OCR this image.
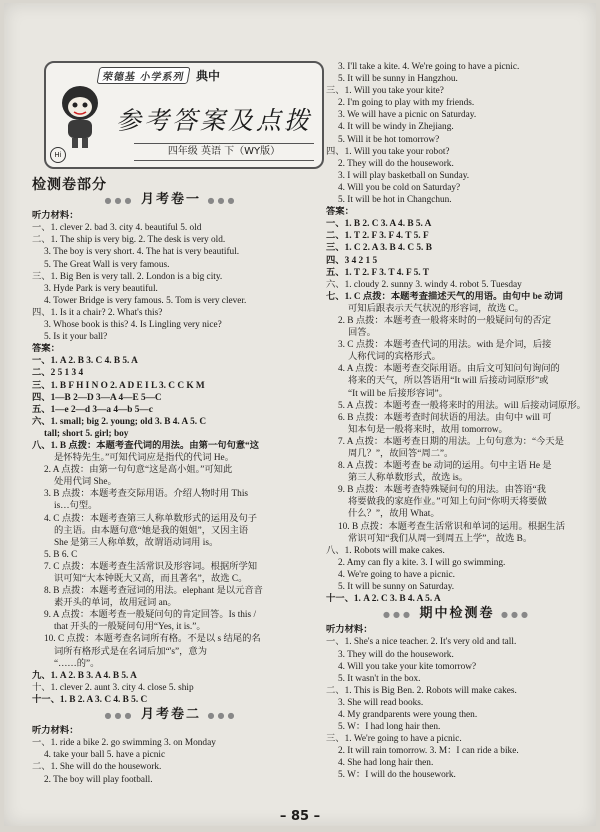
荣德基 小学系列 典中
参考答案及点拨
Hi	四年级 英语 下（WY版）
检测卷部分
●●● 月考卷一 ●●●
听力材料：
一、1. clever 2. bad 3. city 4. beautiful 5. old
二、1. The ship is very big. 2. The desk is very old.
3. The boy is very short. 4. The hat is very beautiful.
5. The Great Wall is very famous.
三、1. Big Ben is very tall. 2. London is a big city.
3. Hyde Park is very beautiful.
4. Tower Bridge is very famous. 5. Tom is very clever.
四、1. Is it a chair? 2. What's this?
3. Whose book is this? 4. Is Lingling very nice?
5. Is it your ball?
答案：
一、1. A 2. B 3. C 4. B 5. A
二、2 5 1 3 4
三、1. B F H I N O 2. A D E I L 3. C C K M
四、1—B 2—D 3—A 4—E 5—C
五、1—e 2—d 3—a 4—b 5—c
六、1. small; big 2. young; old 3. B 4. A 5. C
tall; short 5. girl; boy
八、1. B 点拨：本题考查代词的用法。由第一句句意“这
是怀特先生。”可知代词应是指代的代词 He。
2. A 点拨：由第一句句意“这是高小姐。”可知此
处用代词 She。
3. B 点拨：本题考查交际用语。介绍人物时用 This
is…句型。
4. C 点拨：本题考查第三人称单数形式的运用及句子
的主语。由本题句意“她是我的姐姐”，又因主语
She 是第三人称单数，故谓语动词用 is。
5. B 6. C
7. C 点拨：本题考查生活常识及形容词。根据所学知
识可知“大本钟既大又高，而且著名”，故选 C。
8. B 点拨：本题考查冠词的用法。elephant 是以元音音
素开头的单词，故用冠词 an。
9. A 点拨：本题考查一般疑问句的肯定回答。Is this /
that 开头的一般疑问句用“Yes, it is.”。
10. C 点拨：本题考查名词所有格。不是以 s 结尾的名
词所有格形式是在名词后加“'s”，意为
“……的”。
九、1. A 2. B 3. A 4. B 5. A
十、1. clever 2. aunt 3. city 4. close 5. ship
十一、1. B 2. A 3. C 4. B 5. C
●●● 月考卷二 ●●●
听力材料：
一、1. ride a bike 2. go swimming 3. on Monday
4. take your ball 5. have a picnic
二、1. She will do the housework.
2. The boy will play football.
3. I'll take a kite. 4. We're going to have a picnic.
5. It will be sunny in Hangzhou.
三、1. Will you take your kite?
2. I'm going to play with my friends.
3. We will have a picnic on Saturday.
4. It will be windy in Zhejiang.
5. Will it be hot tomorrow?
四、1. Will you take your robot?
2. They will do the housework.
3. I will play basketball on Sunday.
4. Will you be cold on Saturday?
5. It will be hot in Changchun.
答案：
一、1. B 2. C 3. A 4. B 5. A
二、1. T 2. F 3. F 4. T 5. F
三、1. C 2. A 3. B 4. C 5. B
四、3 4 2 1 5
五、1. T 2. F 3. T 4. F 5. T
六、1. cloudy 2. sunny 3. windy 4. robot 5. Tuesday
七、1. C 点拨：本题考查描述天气的用语。由句中 be 动词
可知后跟表示天气状况的形容词，故选 C。
2. B 点拨：本题考查一般将来时的一般疑问句的否定
回答。
3. C 点拨：本题考查代词的用法。with 是介词，后接
人称代词的宾格形式。
4. A 点拨：本题考查交际用语。由后文可知问句询问的
将来的天气，所以答语用“It will 后接动词原形”或
“It will be 后接形容词”。
5. A 点拨：本题考查一般将来时的用法。will 后接动词原形。
6. B 点拨：本题考查时间状语的用法。由句中 will 可
知本句是一般将来时，故用 tomorrow。
7. A 点拨：本题考查日期的用法。上句句意为：“今天是
周几？”，故回答“周二”。
8. A 点拨：本题考查 be 动词的运用。句中主语 He 是
第三人称单数形式，故选 is。
9. B 点拨：本题考查特殊疑问句的用法。由答语“我
将要做我的家庭作业。”可知上句问“你明天将要做
什么？”，故用 What。
10. B 点拨：本题考查生活常识和单词的运用。根据生活
常识可知“我们从周一到周五上学”，故选 B。
八、1. Robots will make cakes.
2. Amy can fly a kite. 3. I will go swimming.
4. We're going to have a picnic.
5. It will be sunny on Saturday.
十一、1. A 2. C 3. B 4. A 5. A
●●● 期中检测卷 ●●●
听力材料：
一、1. She's a nice teacher. 2. It's very old and tall.
3. They will do the housework.
4. Will you take your kite tomorrow?
5. It wasn't in the box.
二、1. This is Big Ben. 2. Robots will make cakes.
3. She will read books.
4. My grandparents were young then.
5. W：I had long hair then.
三、1. We're going to have a picnic.
2. It will rain tomorrow. 3. M：I can ride a bike.
4. She had long hair then.
5. W：I will do the housework.
– 85 –
